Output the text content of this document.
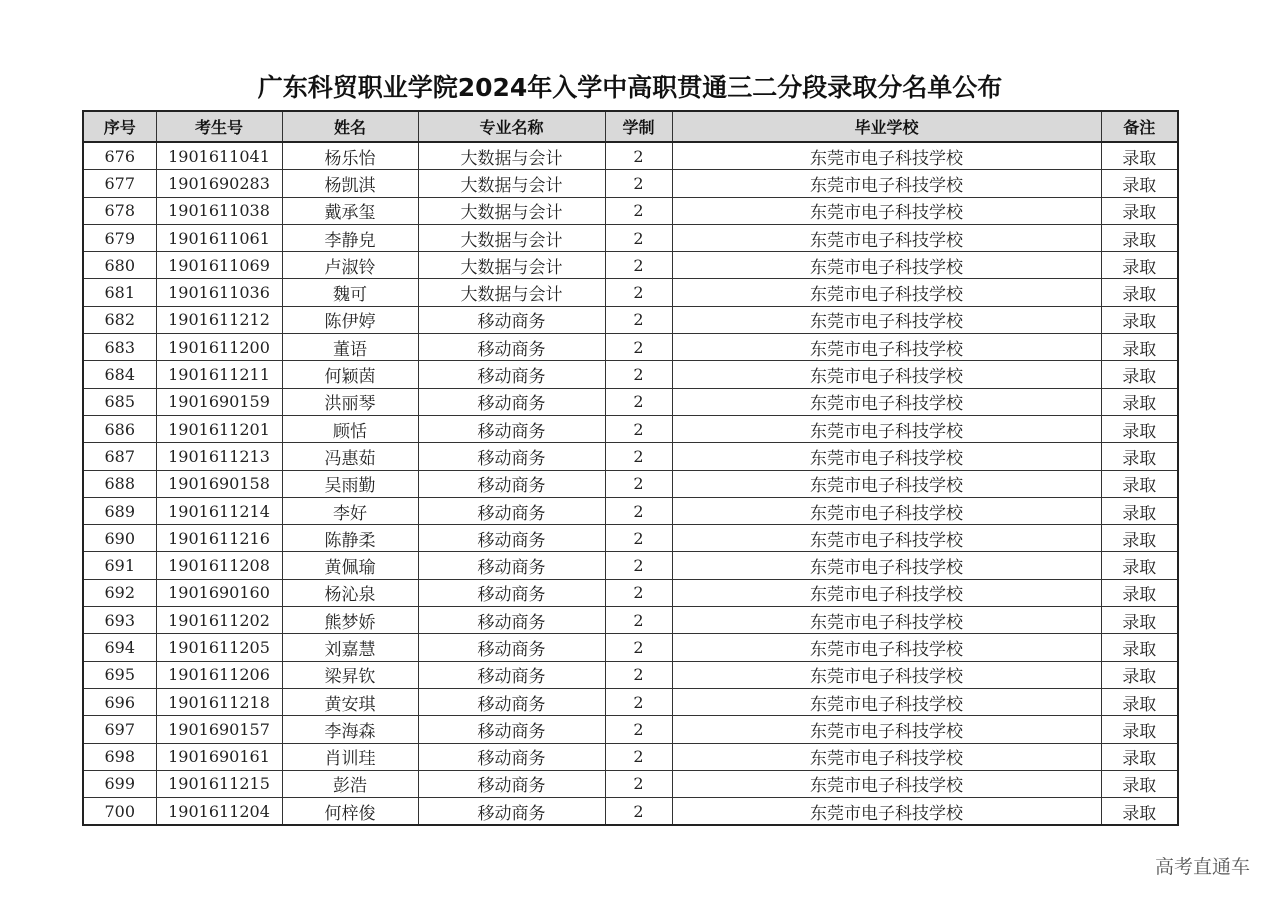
广东科贸职业学院2024年入学中高职贯通三二分段录取分名单公布
序号	考生号	姓名	专业名称	学制	毕业学校	备注
676	1901611041	杨乐怡	大数据与会计	2	东莞市电子科技学校	录取
677	1901690283	杨凯淇	大数据与会计	2	东莞市电子科技学校	录取
678	1901611038	戴承玺	大数据与会计	2	东莞市电子科技学校	录取
679	1901611061	李静皃	大数据与会计	2	东莞市电子科技学校	录取
680	1901611069	卢淑铃	大数据与会计	2	东莞市电子科技学校	录取
681	1901611036	魏可	大数据与会计	2	东莞市电子科技学校	录取
682	1901611212	陈伊婷	移动商务	2	东莞市电子科技学校	录取
683	1901611200	董语	移动商务	2	东莞市电子科技学校	录取
684	1901611211	何颖茵	移动商务	2	东莞市电子科技学校	录取
685	1901690159	洪丽琴	移动商务	2	东莞市电子科技学校	录取
686	1901611201	顾恬	移动商务	2	东莞市电子科技学校	录取
687	1901611213	冯惠茹	移动商务	2	东莞市电子科技学校	录取
688	1901690158	吴雨勤	移动商务	2	东莞市电子科技学校	录取
689	1901611214	李好	移动商务	2	东莞市电子科技学校	录取
690	1901611216	陈静柔	移动商务	2	东莞市电子科技学校	录取
691	1901611208	黄佩瑜	移动商务	2	东莞市电子科技学校	录取
692	1901690160	杨沁泉	移动商务	2	东莞市电子科技学校	录取
693	1901611202	熊梦娇	移动商务	2	东莞市电子科技学校	录取
694	1901611205	刘嘉慧	移动商务	2	东莞市电子科技学校	录取
695	1901611206	梁昇钦	移动商务	2	东莞市电子科技学校	录取
696	1901611218	黄安琪	移动商务	2	东莞市电子科技学校	录取
697	1901690157	李海森	移动商务	2	东莞市电子科技学校	录取
698	1901690161	肖训珪	移动商务	2	东莞市电子科技学校	录取
699	1901611215	彭浩	移动商务	2	东莞市电子科技学校	录取
700	1901611204	何梓俊	移动商务	2	东莞市电子科技学校	录取
高考直通车
